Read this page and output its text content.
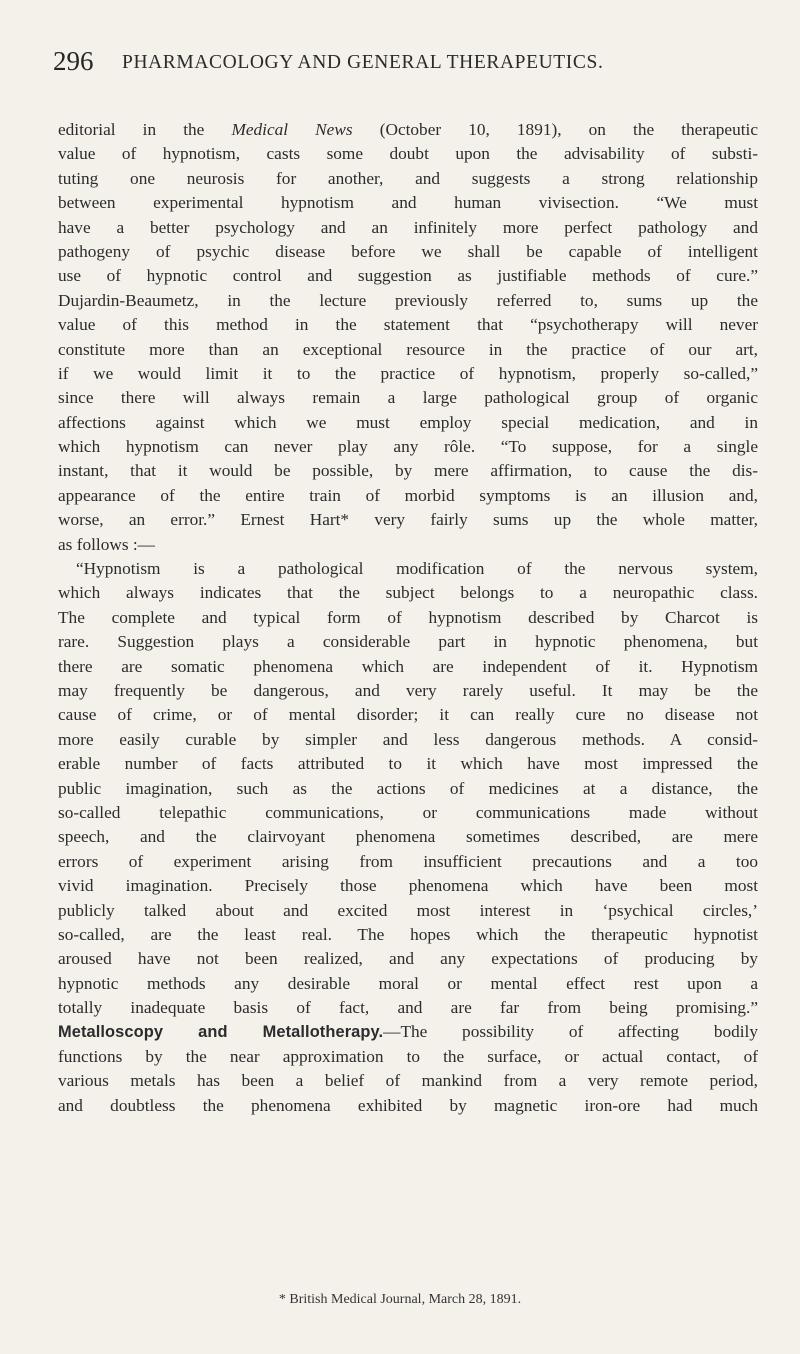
296 PHARMACOLOGY AND GENERAL THERAPEUTICS.
editorial in the Medical News (October 10, 1891), on the therapeutic
value of hypnotism, casts some doubt upon the advisability of substi-
tuting one neurosis for another, and suggests a strong relationship
between experimental hypnotism and human vivisection. “We must
have a better psychology and an infinitely more perfect pathology and
pathogeny of psychic disease before we shall be capable of intelligent
use of hypnotic control and suggestion as justifiable methods of cure.”
Dujardin-Beaumetz, in the lecture previously referred to, sums up the
value of this method in the statement that “psychotherapy will never
constitute more than an exceptional resource in the practice of our art,
if we would limit it to the practice of hypnotism, properly so-called,”
since there will always remain a large pathological group of organic
affections against which we must employ special medication, and in
which hypnotism can never play any rôle. “To suppose, for a single
instant, that it would be possible, by mere affirmation, to cause the dis-
appearance of the entire train of morbid symptoms is an illusion and,
worse, an error.” Ernest Hart* very fairly sums up the whole matter,
as follows :—
“Hypnotism is a pathological modification of the nervous system,
which always indicates that the subject belongs to a neuropathic class.
The complete and typical form of hypnotism described by Charcot is
rare. Suggestion plays a considerable part in hypnotic phenomena, but
there are somatic phenomena which are independent of it. Hypnotism
may frequently be dangerous, and very rarely useful. It may be the
cause of crime, or of mental disorder; it can really cure no disease not
more easily curable by simpler and less dangerous methods. A consid-
erable number of facts attributed to it which have most impressed the
public imagination, such as the actions of medicines at a distance, the
so-called telepathic communications, or communications made without
speech, and the clairvoyant phenomena sometimes described, are mere
errors of experiment arising from insufficient precautions and a too
vivid imagination. Precisely those phenomena which have been most
publicly talked about and excited most interest in ‘psychical circles,’
so-called, are the least real. The hopes which the therapeutic hypnotist
aroused have not been realized, and any expectations of producing by
hypnotic methods any desirable moral or mental effect rest upon a
totally inadequate basis of fact, and are far from being promising.”
Metalloscopy and Metallotherapy.—The possibility of affecting bodily
functions by the near approximation to the surface, or actual contact, of
various metals has been a belief of mankind from a very remote period,
and doubtless the phenomena exhibited by magnetic iron-ore had much
* British Medical Journal, March 28, 1891.
